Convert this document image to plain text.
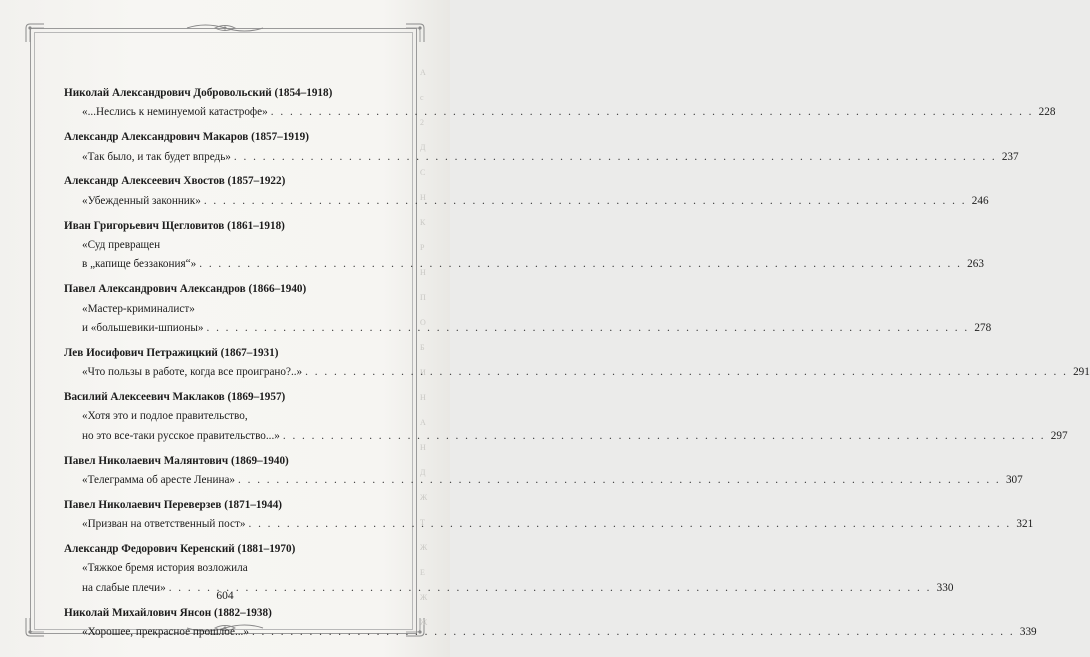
А
с
2
Д
С
Н
К
Р
Н
П
О
Б
И
Н
А
Н
Д
Ж
Т
Ж
Е
Ж
Ж
Николай Александрович Добровольский (1854–1918)
«...Неслись к неминуемой катастрофе» . . .	228
Александр Александрович Макаров (1857–1919)
«Так было, и так будет впредь» . . .	237
Александр Алексеевич Хвостов (1857–1922)
«Убежденный законник» . . .	246
Иван Григорьевич Щегловитов (1861–1918)
«Суд превращен
в „капище беззакония“» . . .	263
Павел Александрович Александров (1866–1940)
«Мастер-криминалист»
и «большевики-шпионы» . . .	278
Лев Иосифович Петражицкий (1867–1931)
«Что пользы в работе, когда все проиграно?..» . . .	291
Василий Алексеевич Маклаков (1869–1957)
«Хотя это и подлое правительство,
но это все-таки русское правительство...» . . .	297
Павел Николаевич Малянтович (1869–1940)
«Телеграмма об аресте Ленина» . . .	307
Павел Николаевич Переверзев (1871–1944)
«Призван на ответственный пост» . . .	321
Александр Федорович Керенский (1881–1970)
«Тяжкое бремя история возложила
на слабые плечи» . . .	330
Николай Михайлович Янсон (1882–1938)
«Хорошее, прекрасное прошлое...» . . .	339
604
